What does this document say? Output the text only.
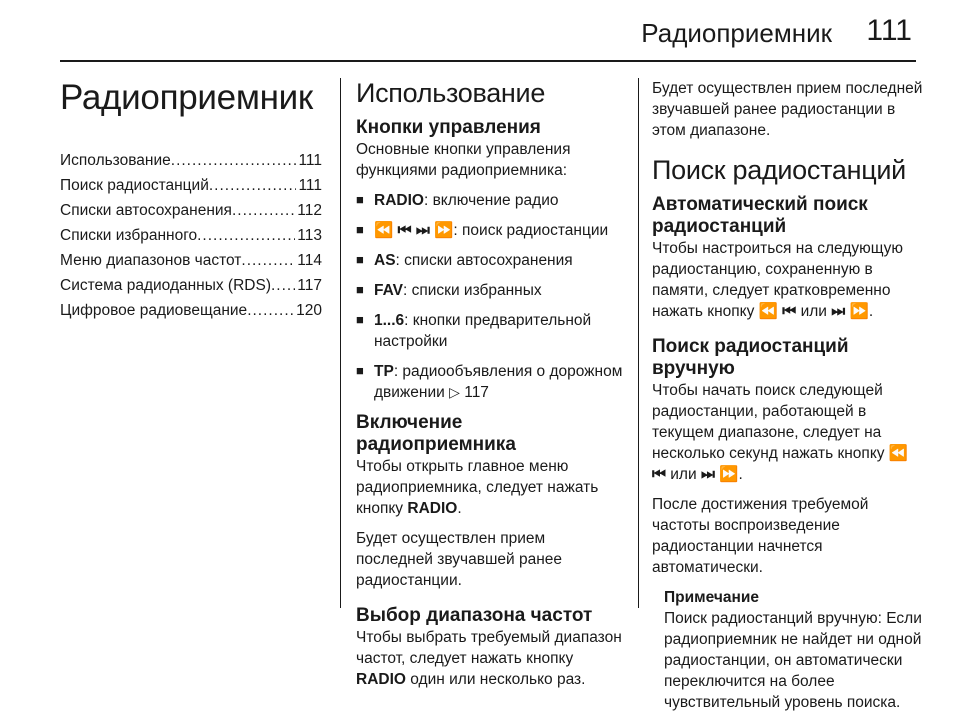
Радиоприемник 111
Радиоприемник
Использование .....	111
Поиск радиостанций .....	111
Списки автосохранения .....	112
Списки избранного .....	113
Меню диапазонов частот .....	114
Система радиоданных (RDS) ..... 117
Цифровое радиовещание .....	120
Использование
Кнопки управления

Основные кнопки управления функциями радиоприемника:

■ RADIO: включение радио
■ ⏪ ⏮ ⏭ ⏩: поиск радиостанции
■ AS: списки автосохранения
■ FAV: списки избранных
■ 1...6: кнопки предварительной настройки
■ TP: радиообъявления о дорожном движении ▷ 117
Включение радиоприемника

Чтобы открыть главное меню радиоприемника, следует нажать кнопку RADIO.

Будет осуществлен прием последней звучавшей ранее радиостанции.

Выбор диапазона частот

Чтобы выбрать требуемый диапазон частот, следует нажать кнопку RADIO один или несколько раз.

Будет осуществлен прием последней звучавшей ранее радиостанции в этом диапазоне.

Поиск радиостанций
Автоматический поиск радиостанций

Чтобы настроиться на следующую радиостанцию, сохраненную в памяти, следует кратковременно нажать кнопку ⏪ ⏮ или ⏭ ⏩.

Поиск радиостанций вручную

Чтобы начать поиск следующей радиостанции, работающей в текущем диапазоне, следует на несколько секунд нажать кнопку ⏪ ⏮ или ⏭ ⏩.

После достижения требуемой частоты воспроизведение радиостанции начнется автоматически.

Примечание

Поиск радиостанций вручную: Если радиоприемник не найдет ни одной радиостанции, он автоматически переключится на более чувствительный уровень поиска.
